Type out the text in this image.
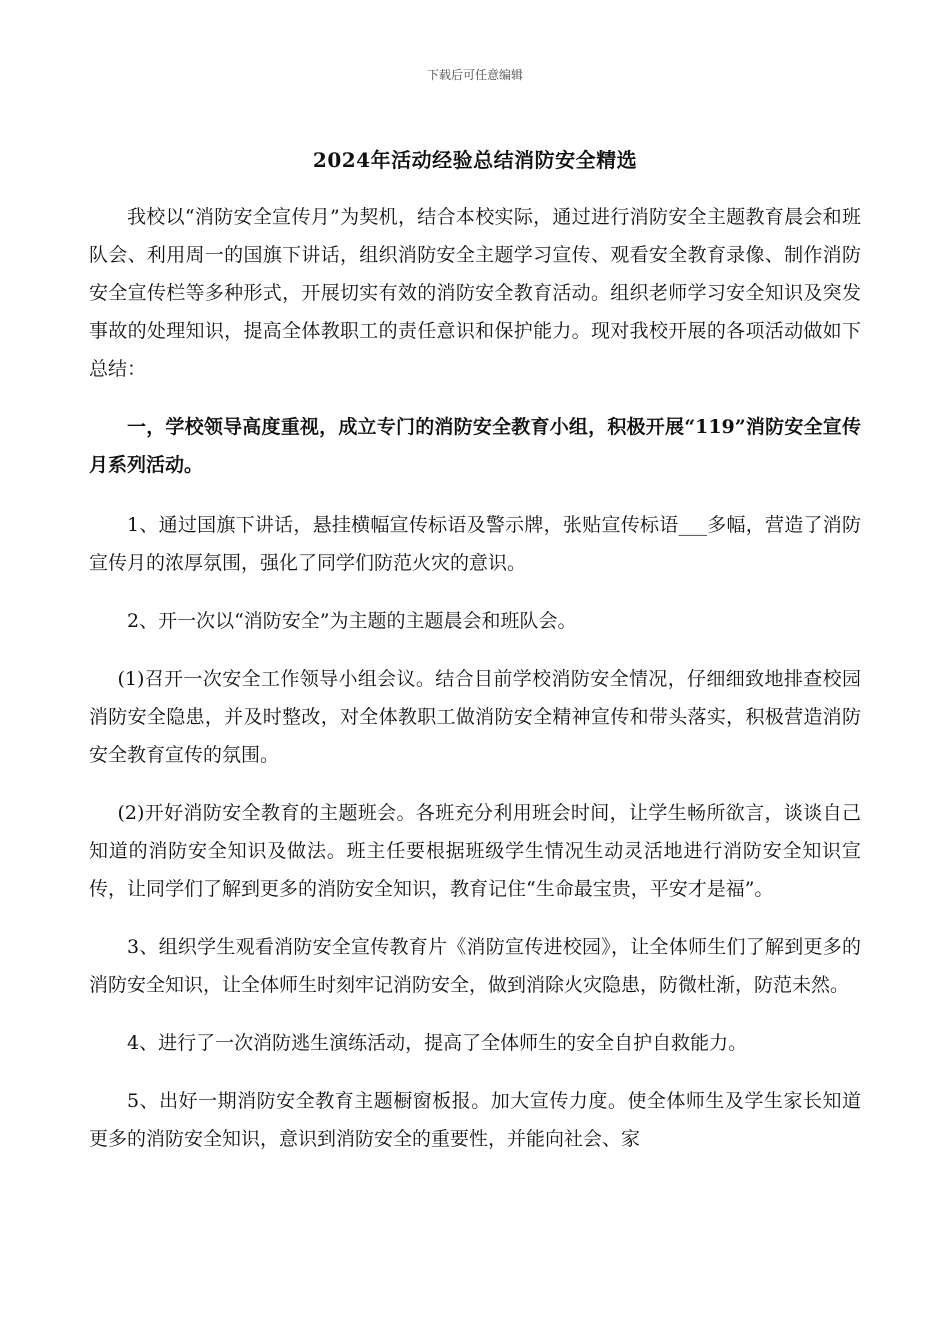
下载后可任意编辑
2024年活动经验总结消防安全精选

我校以“消防安全宣传月”为契机，结合本校实际，通过进行消防安全主题教育晨会和班队会、利用周一的国旗下讲话，组织消防安全主题学习宣传、观看安全教育录像、制作消防安全宣传栏等多种形式，开展切实有效的消防安全教育活动。组织老师学习安全知识及突发事故的处理知识，提高全体教职工的责任意识和保护能力。现对我校开展的各项活动做如下总结：

一，学校领导高度重视，成立专门的消防安全教育小组，积极开展“119”消防安全宣传月系列活动。

1、通过国旗下讲话，悬挂横幅宣传标语及警示牌，张贴宣传标语___多幅，营造了消防宣传月的浓厚氛围，强化了同学们防范火灾的意识。

2、开一次以“消防安全”为主题的主题晨会和班队会。

(1)召开一次安全工作领导小组会议。结合目前学校消防安全情况，仔细细致地排查校园消防安全隐患，并及时整改，对全体教职工做消防安全精神宣传和带头落实，积极营造消防安全教育宣传的氛围。

(2)开好消防安全教育的主题班会。各班充分利用班会时间，让学生畅所欲言，谈谈自己知道的消防安全知识及做法。班主任要根据班级学生情况生动灵活地进行消防安全知识宣传，让同学们了解到更多的消防安全知识，教育记住“生命最宝贵，平安才是福”。

3、组织学生观看消防安全宣传教育片《消防宣传进校园》，让全体师生们了解到更多的消防安全知识，让全体师生时刻牢记消防安全，做到消除火灾隐患，防微杜渐，防范未然。

4、进行了一次消防逃生演练活动，提高了全体师生的安全自护自救能力。

5、出好一期消防安全教育主题橱窗板报。加大宣传力度。使全体师生及学生家长知道更多的消防安全知识，意识到消防安全的重要性，并能向社会、家
